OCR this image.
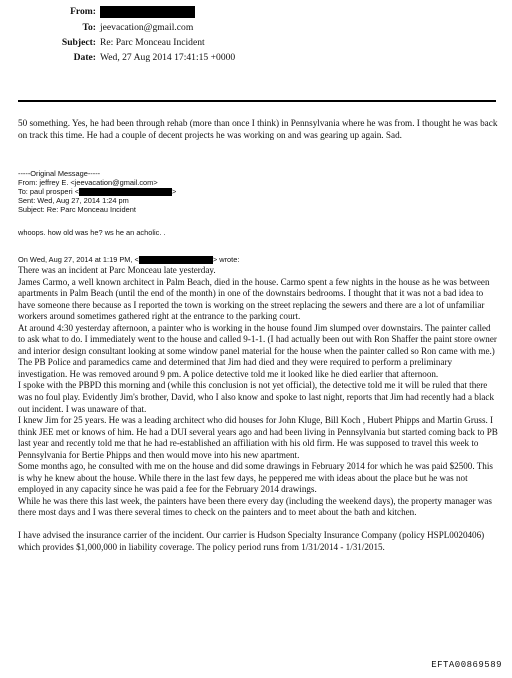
From:
To: jeevacation@gmail.com
Subject: Re: Parc Monceau Incident
Date: Wed, 27 Aug 2014 17:41:15 +0000

50 something. Yes, he had been through rehab (more than once I think) in Pennsylvania where he was from. I thought he was back on track this time. He had a couple of decent projects he was working on and was gearing up again. Sad.

-----Original Message-----

From: jeffrey E. <jeevacation@gmail.com>

To: paul prosperi <	>

Sent: Wed, Aug 27, 2014 1:24 pm

Subject: Re: Parc Monceau Incident

whoops. how old was he? ws he an acholic. .

On Wed, Aug 27, 2014 at 1:19 PM, <	> wrote:

There was an incident at Parc Monceau late yesterday.

James Carmo, a well known architect in Palm Beach, died in the house. Carmo spent a few nights in the house as he was between apartments in Palm Beach (until the end of the month) in one of the downstairs bedrooms. I thought that it was not a bad idea to have someone there because as I reported the town is working on the street replacing the sewers and there are a lot of unfamiliar workers around sometimes gathered right at the entrance to the parking court.

At around 4:30 yesterday afternoon, a painter who is working in the house found Jim slumped over downstairs. The painter called to ask what to do. I immediately went to the house and called 9-1-1. (I had actually been out with Ron Shaffer the paint store owner and interior design consultant looking at some window panel material for the house when the painter called so Ron came with me.) The PB Police and paramedics came and determined that Jim had died and they were required to perform a preliminary investigation. He was removed around 9 pm. A police detective told me it looked like he died earlier that afternoon.

I spoke with the PBPD this morning and (while this conclusion is not yet official), the detective told me it will be ruled that there was no foul play. Evidently Jim's brother, David, who I also know and spoke to last night, reports that Jim had recently had a black out incident. I was unaware of that.

I knew Jim for 25 years. He was a leading architect who did houses for John Kluge, Bill Koch , Hubert Phipps and Martin Gruss. I think JEE met or knows of him. He had a DUI several years ago and had been living in Pennsylvania but started coming back to PB last year and recently told me that he had re-established an affiliation with his old firm. He was supposed to travel this week to Pennsylvania for Bertie Phipps and then would move into his new apartment.

Some months ago, he consulted with me on the house and did some drawings in February 2014 for which he was paid $2500. This is why he knew about the house. While there in the last few days, he peppered me with ideas about the place but he was not employed in any capacity since he was paid a fee for the February 2014 drawings.

While he was there this last week, the painters have been there every day (including the weekend days), the property manager was there most days and I was there several times to check on the painters and to meet about the bath and kitchen.

I have advised the insurance carrier of the incident. Our carrier is Hudson Specialty Insurance Company (policy HSPL0020406) which provides $1,000,000 in liability coverage. The policy period runs from 1/31/2014 - 1/31/2015.

EFTA00869589
